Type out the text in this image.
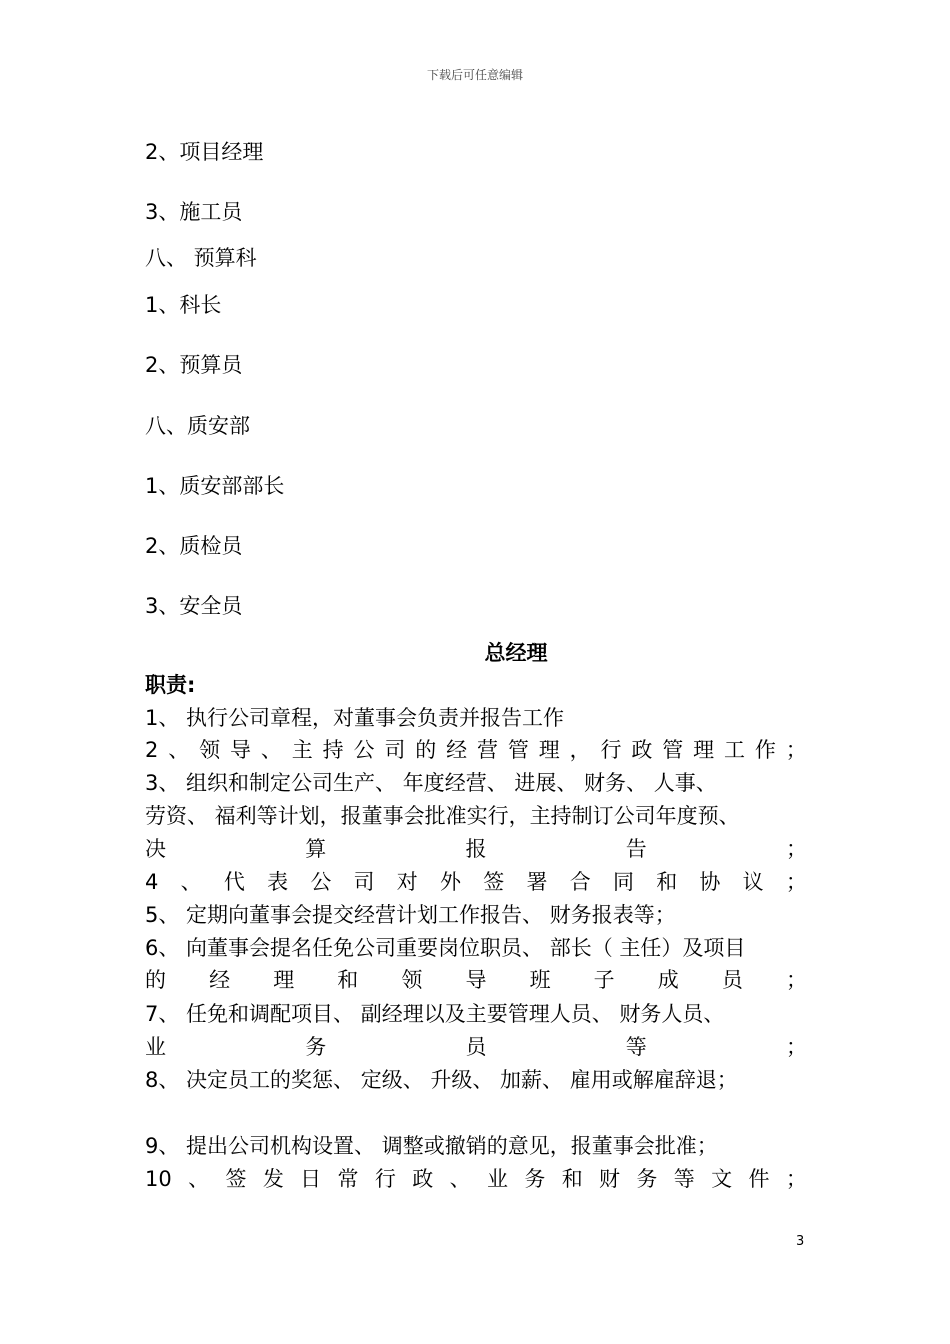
下载后可任意编辑
2、项目经理
3、施工员
八、 预算科
1、科长
2、预算员
八、质安部
1、质安部部长
2、质检员
3、安全员
总经理
职责:
1、 执行公司章程，对董事会负责并报告工作
2 、 领 导 、 主 持 公 司 的 经 营 管 理 ， 行 政 管 理 工 作 ；
3、 组织和制定公司生产、 年度经营、 进展、 财务、 人事、
劳资、 福利等计划，报董事会批准实行，主持制订公司年度预、
决	算	报	告	；
4 、 代 表 公 司 对 外 签 署 合 同 和 协 议 ；
5、 定期向董事会提交经营计划工作报告、 财务报表等；
6、 向董事会提名任免公司重要岗位职员、 部长（ 主任）及项目
的 经 理 和 领 导 班 子 成 员 ；
7、 任免和调配项目、 副经理以及主要管理人员、 财务人员、
业	务	员	等	；
8、 决定员工的奖惩、 定级、 升级、 加薪、 雇用或解雇辞退；
9、 提出公司机构设置、 调整或撤销的意见，报董事会批准；
10 、 签 发 日 常 行 政 、 业 务 和 财 务 等 文 件 ；
3
